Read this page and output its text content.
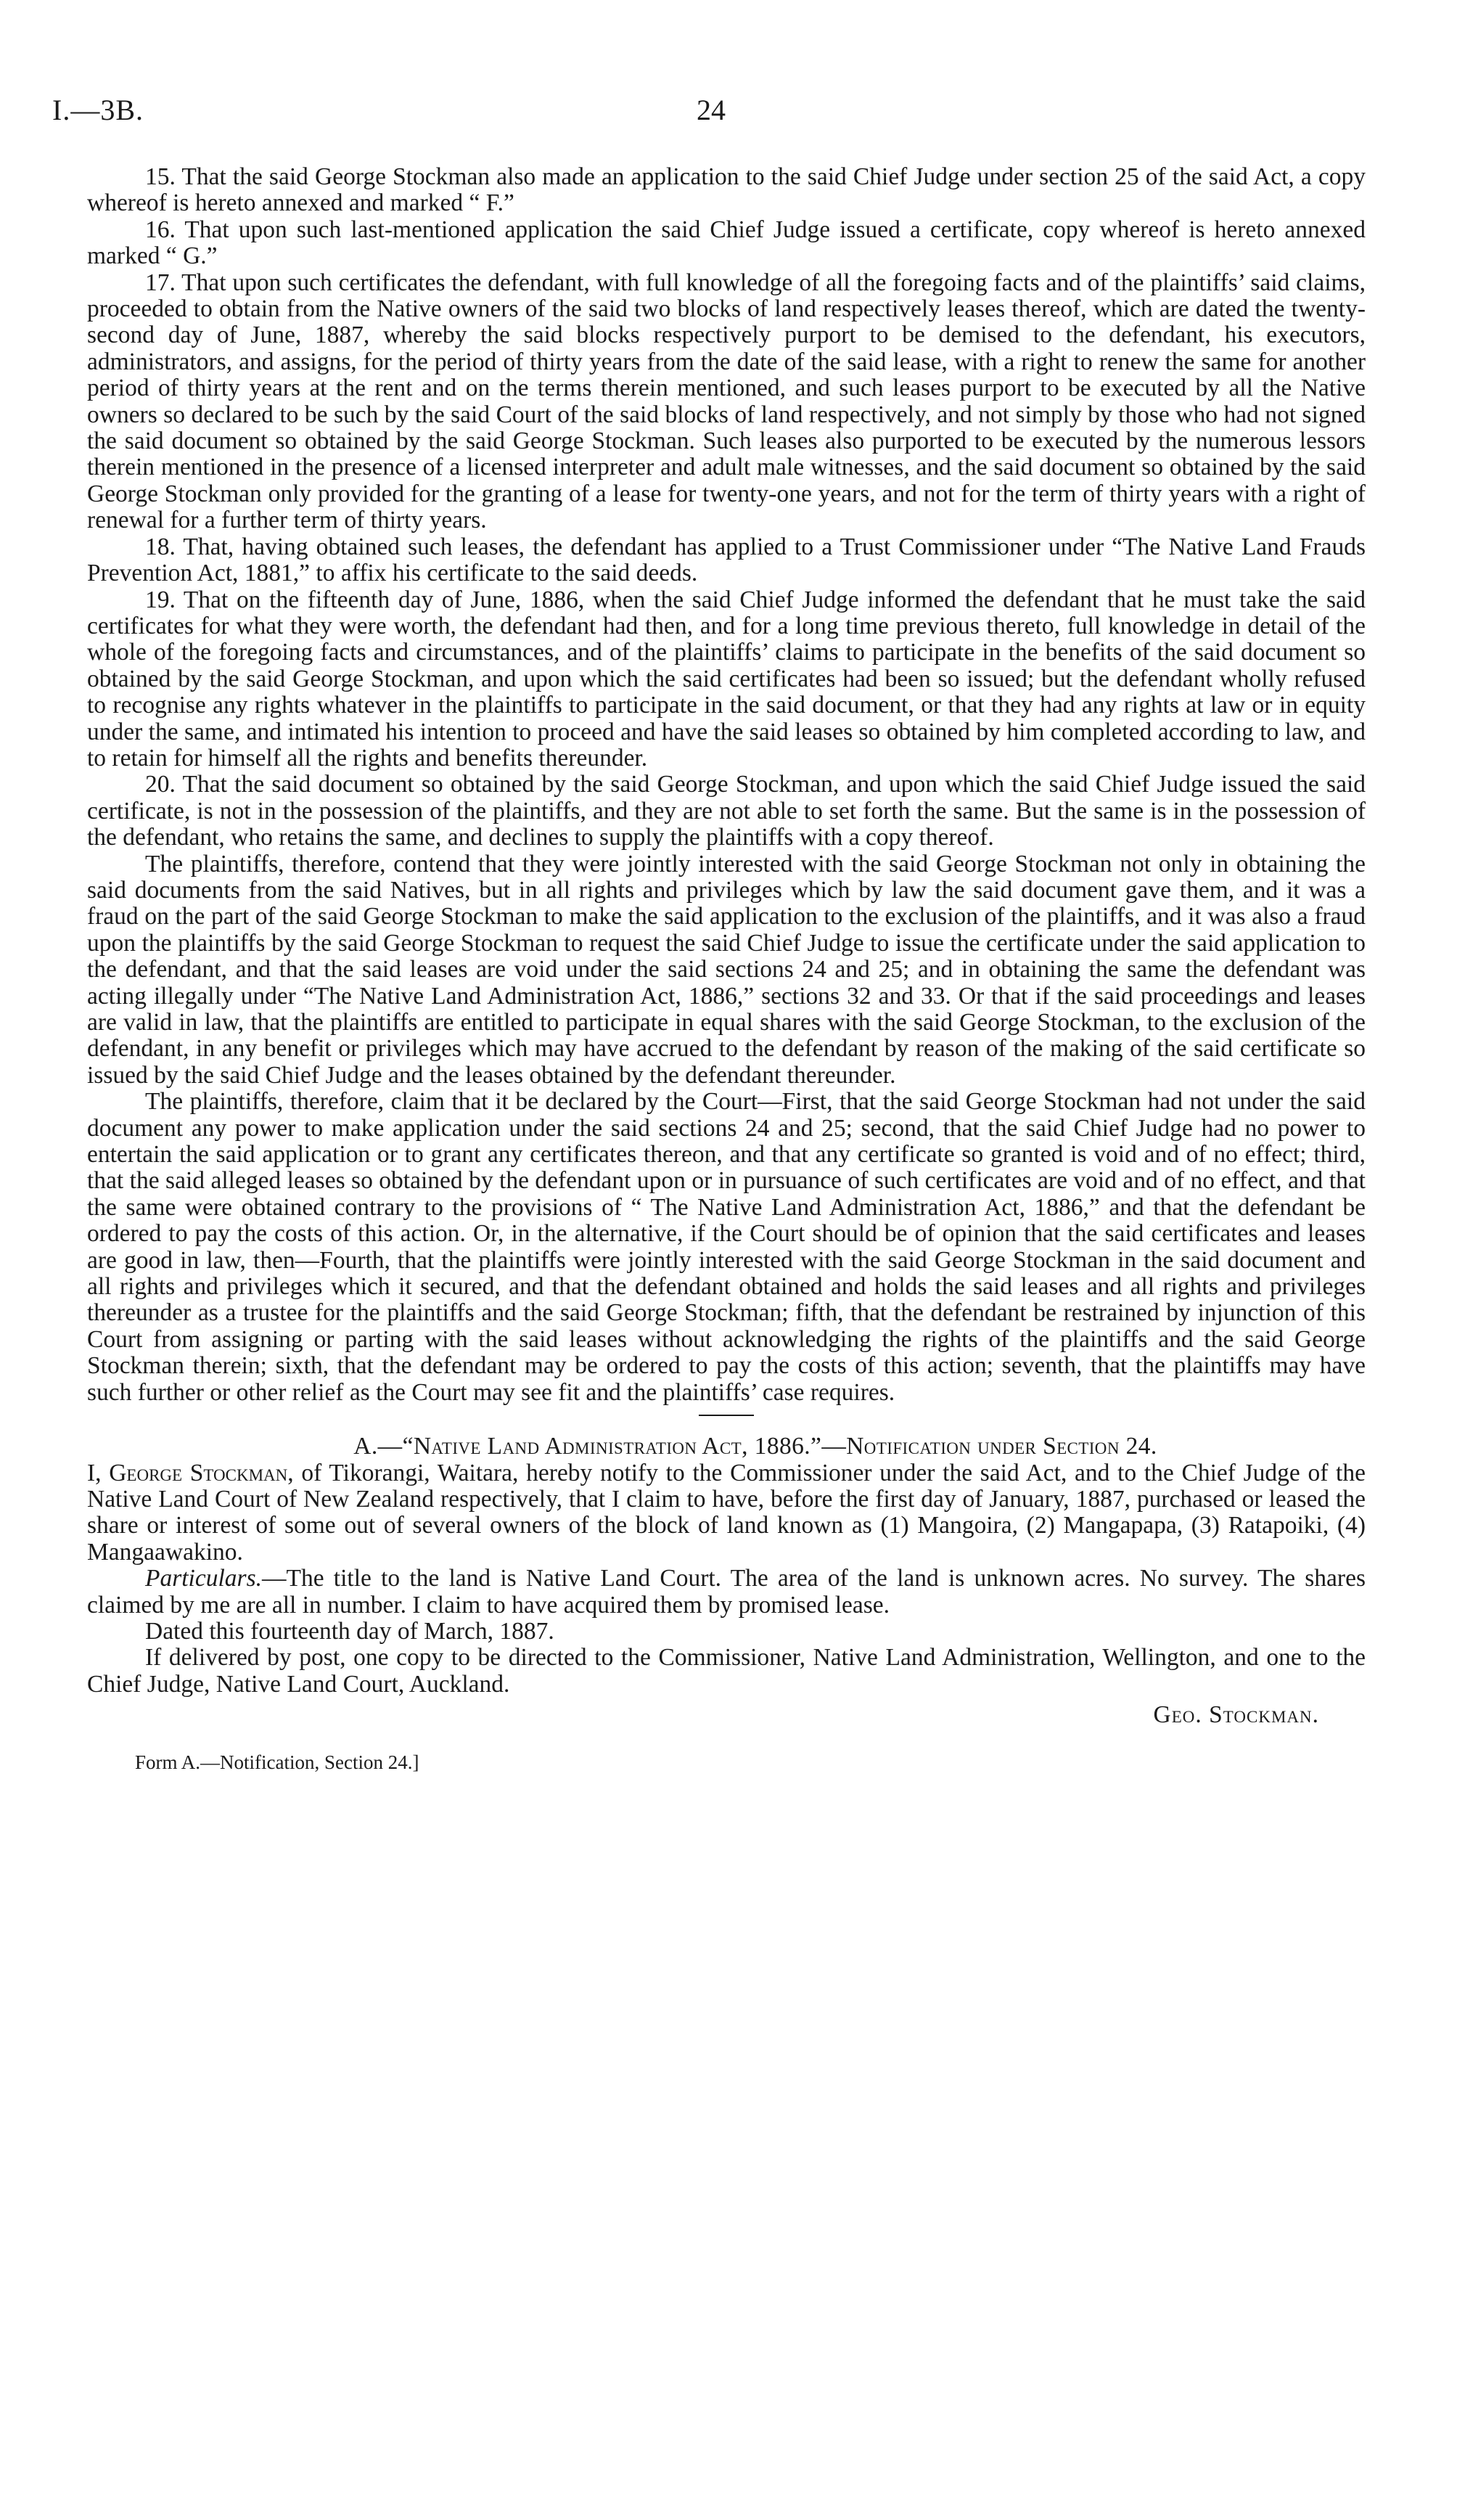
I.—3B.	24

15. That the said George Stockman also made an application to the said Chief Judge under section 25 of the said Act, a copy whereof is hereto annexed and marked “ F.”

16. That upon such last-mentioned application the said Chief Judge issued a certificate, copy whereof is hereto annexed marked “ G.”

17. That upon such certificates the defendant, with full knowledge of all the foregoing facts and of the plaintiffs’ said claims, proceeded to obtain from the Native owners of the said two blocks of land respectively leases thereof, which are dated the twenty-second day of June, 1887, whereby the said blocks respectively purport to be demised to the defendant, his executors, administrators, and assigns, for the period of thirty years from the date of the said lease, with a right to renew the same for another period of thirty years at the rent and on the terms therein mentioned, and such leases purport to be executed by all the Native owners so declared to be such by the said Court of the said blocks of land respectively, and not simply by those who had not signed the said document so obtained by the said George Stockman. Such leases also purported to be executed by the numerous lessors therein mentioned in the presence of a licensed interpreter and adult male witnesses, and the said document so obtained by the said George Stockman only provided for the granting of a lease for twenty-one years, and not for the term of thirty years with a right of renewal for a further term of thirty years.

18. That, having obtained such leases, the defendant has applied to a Trust Commissioner under “The Native Land Frauds Prevention Act, 1881,” to affix his certificate to the said deeds.

19. That on the fifteenth day of June, 1886, when the said Chief Judge informed the defendant that he must take the said certificates for what they were worth, the defendant had then, and for a long time previous thereto, full knowledge in detail of the whole of the foregoing facts and circumstances, and of the plaintiffs’ claims to participate in the benefits of the said document so obtained by the said George Stockman, and upon which the said certificates had been so issued; but the defendant wholly refused to recognise any rights whatever in the plaintiffs to participate in the said document, or that they had any rights at law or in equity under the same, and intimated his intention to proceed and have the said leases so obtained by him completed according to law, and to retain for himself all the rights and benefits thereunder.

20. That the said document so obtained by the said George Stockman, and upon which the said Chief Judge issued the said certificate, is not in the possession of the plaintiffs, and they are not able to set forth the same. But the same is in the possession of the defendant, who retains the same, and declines to supply the plaintiffs with a copy thereof.

The plaintiffs, therefore, contend that they were jointly interested with the said George Stockman not only in obtaining the said documents from the said Natives, but in all rights and privileges which by law the said document gave them, and it was a fraud on the part of the said George Stockman to make the said application to the exclusion of the plaintiffs, and it was also a fraud upon the plaintiffs by the said George Stockman to request the said Chief Judge to issue the certificate under the said application to the defendant, and that the said leases are void under the said sections 24 and 25; and in obtaining the same the defendant was acting illegally under “The Native Land Administration Act, 1886,” sections 32 and 33. Or that if the said proceedings and leases are valid in law, that the plaintiffs are entitled to participate in equal shares with the said George Stockman, to the exclusion of the defendant, in any benefit or privileges which may have accrued to the defendant by reason of the making of the said certificate so issued by the said Chief Judge and the leases obtained by the defendant thereunder.

The plaintiffs, therefore, claim that it be declared by the Court—First, that the said George Stockman had not under the said document any power to make application under the said sections 24 and 25; second, that the said Chief Judge had no power to entertain the said application or to grant any certificates thereon, and that any certificate so granted is void and of no effect; third, that the said alleged leases so obtained by the defendant upon or in pursuance of such certificates are void and of no effect, and that the same were obtained contrary to the provisions of “ The Native Land Administration Act, 1886,” and that the defendant be ordered to pay the costs of this action. Or, in the alternative, if the Court should be of opinion that the said certificates and leases are good in law, then—Fourth, that the plaintiffs were jointly interested with the said George Stockman in the said document and all rights and privileges which it secured, and that the defendant obtained and holds the said leases and all rights and privileges thereunder as a trustee for the plaintiffs and the said George Stockman; fifth, that the defendant be restrained by injunction of this Court from assigning or parting with the said leases without acknowledging the rights of the plaintiffs and the said George Stockman therein; sixth, that the defendant may be ordered to pay the costs of this action; seventh, that the plaintiffs may have such further or other relief as the Court may see fit and the plaintiffs’ case requires.

A.—“Native Land Administration Act, 1886.”—Notification under Section 24.

I, George Stockman, of Tikorangi, Waitara, hereby notify to the Commissioner under the said Act, and to the Chief Judge of the Native Land Court of New Zealand respectively, that I claim to have, before the first day of January, 1887, purchased or leased the share or interest of some out of several owners of the block of land known as (1) Mangoira, (2) Mangapapa, (3) Ratapoiki, (4) Mangaawakino.

Particulars.—The title to the land is Native Land Court. The area of the land is unknown acres. No survey. The shares claimed by me are all in number. I claim to have acquired them by promised lease.

Dated this fourteenth day of March, 1887.

If delivered by post, one copy to be directed to the Commissioner, Native Land Administration, Wellington, and one to the Chief Judge, Native Land Court, Auckland.

Geo. Stockman.
Form A.—Notification, Section 24.]
